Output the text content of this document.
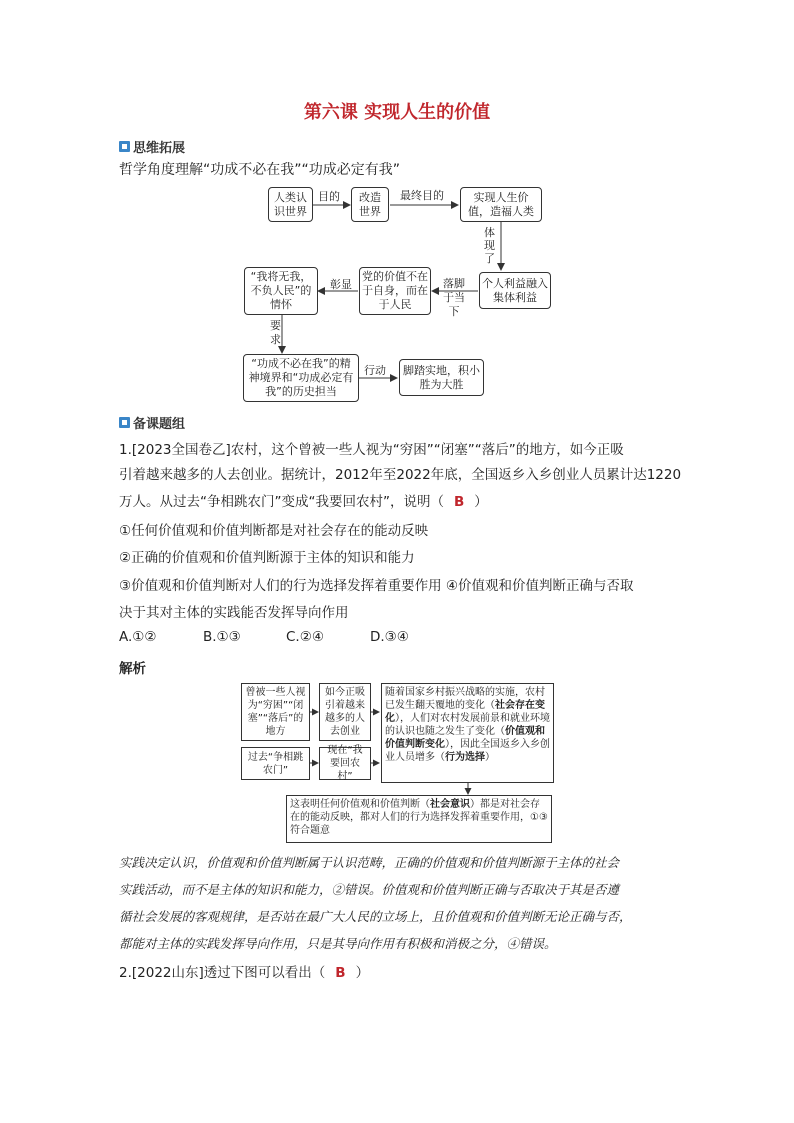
第六课 实现人生的价值
思维拓展
哲学角度理解“功成不必在我”“功成必定有我”
人类认识世界
改造世界
实现人生价值，造福人类
个人利益融入集体利益
党的价值不在于自身，而在于人民
“我将无我，不负人民”的情怀
“功成不必在我”的精神境界和“功成必定有我”的历史担当
脚踏实地，积小胜为大胜
目的	最终目的
体现了
落脚于当下
彰显
要求
行动
备课题组
1.[2023全国卷乙]农村，这个曾被一些人视为“穷困”“闭塞”“落后”的地方，如今正吸
引着越来越多的人去创业。据统计，2012年至2022年底，全国返乡入乡创业人员累计达1220
万人。从过去“争相跳农门”变成“我要回农村”，说明（ B ）
①任何价值观和价值判断都是对社会存在的能动反映
②正确的价值观和价值判断源于主体的知识和能力
③价值观和价值判断对人们的行为选择发挥着重要作用 ④价值观和价值判断正确与否取
决于其对主体的实践能否发挥导向作用
A.①②	B.①③	C.②④	D.③④
解析
曾被一些人视为“穷困”“闭塞”“落后”的地方
如今正吸引着越来越多的人去创业
过去“争相跳农门”
现在“我要回农村”
随着国家乡村振兴战略的实施，农村已发生翻天覆地的变化（社会存在变化），人们对农村发展前景和就业环境的认识也随之发生了变化（价值观和价值判断变化），因此全国返乡入乡创业人员增多（行为选择）
这表明任何价值观和价值判断（社会意识）都是对社会存在的能动反映，都对人们的行为选择发挥着重要作用，①③符合题意
实践决定认识，价值观和价值判断属于认识范畴，正确的价值观和价值判断源于主体的社会
实践活动，而不是主体的知识和能力，②错误。价值观和价值判断正确与否取决于其是否遵
循社会发展的客观规律，是否站在最广大人民的立场上，且价值观和价值判断无论正确与否，
都能对主体的实践发挥导向作用，只是其导向作用有积极和消极之分，④错误。
2.[2022山东]透过下图可以看出（ B ）
